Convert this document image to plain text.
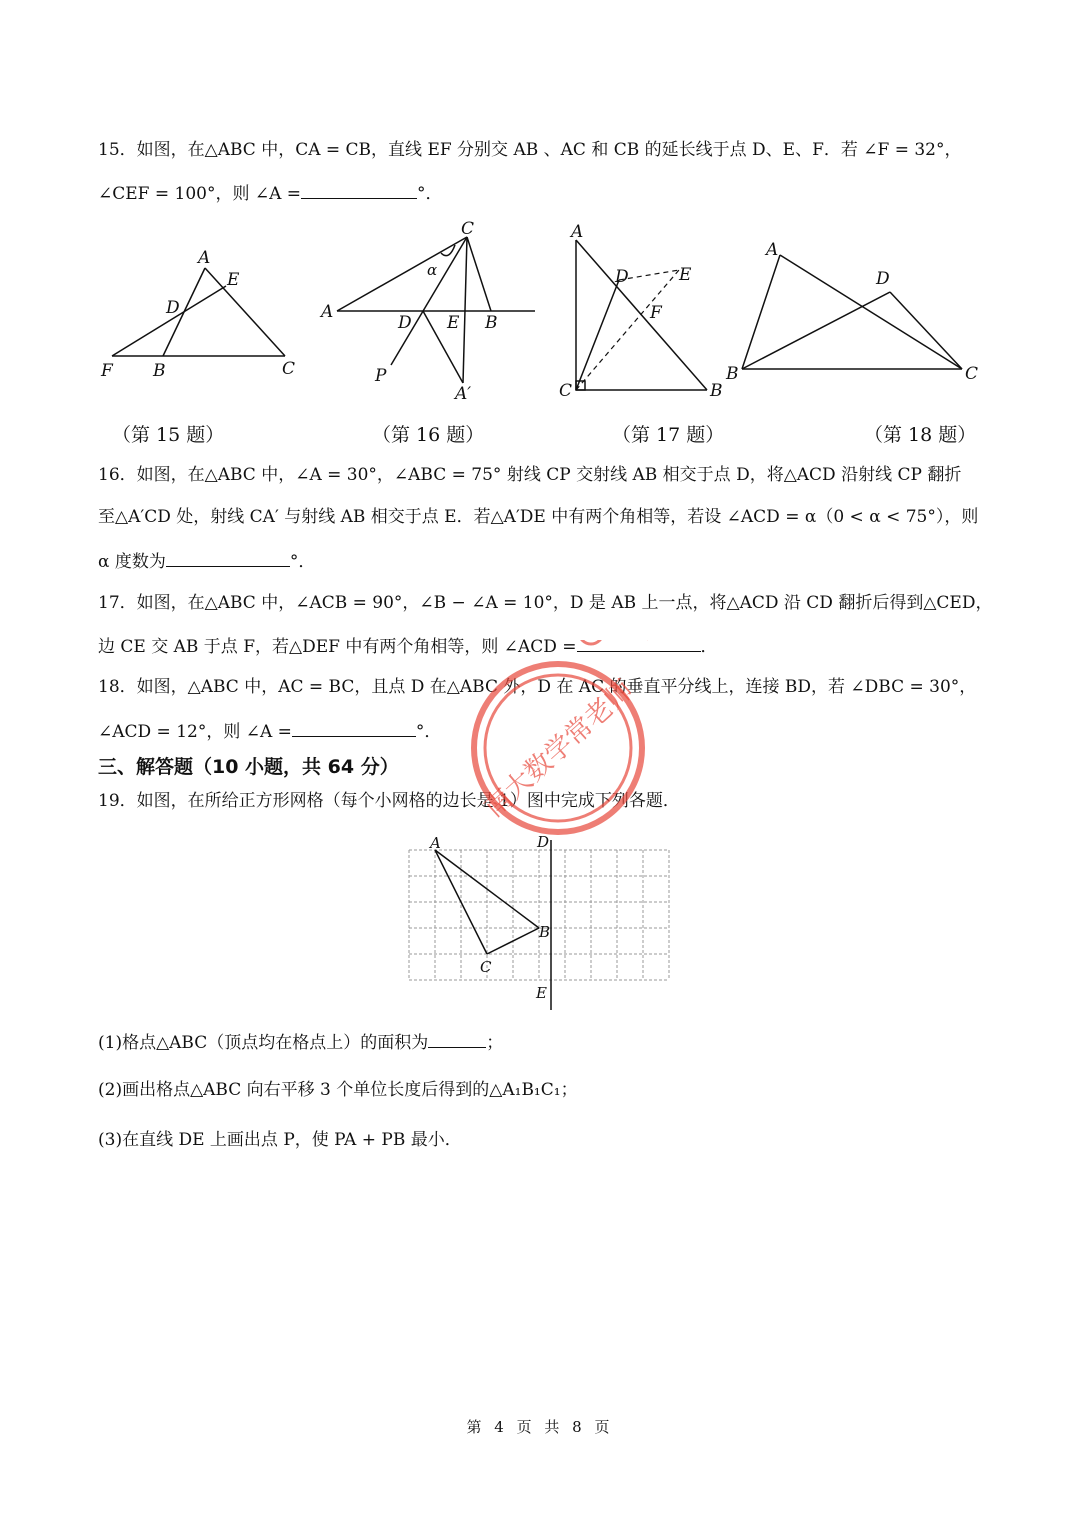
15．如图，在△ABC 中，CA = CB，直线 EF 分别交 AB 、AC 和 CB 的延长线于点 D、E、F．若 ∠F = 32°，
∠CEF = 100°，则 ∠A =	°．
A
E
D
F B	C
C
α
A
D E B
P
A′
A
D	E
F
C	B
A
D
B	C
（第 15 题）	（第 16 题）	（第 17 题）	（第 18 题）
16．如图，在△ABC 中，∠A = 30°，∠ABC = 75° 射线 CP 交射线 AB 相交于点 D，将△ACD 沿射线 CP 翻折
至△A′CD 处，射线 CA′ 与射线 AB 相交于点 E．若△A′DE 中有两个角相等，若设 ∠ACD = α（0 < α < 75°），则
α 度数为	°．
17．如图，在△ABC 中，∠ACB = 90°，∠B − ∠A = 10°，D 是 AB 上一点，将△ACD 沿 CD 翻折后得到△CED，
边 CE 交 AB 于点 F，若△DEF 中有两个角相等，则 ∠ACD =	．
18．如图，△ABC 中，AC = BC，且点 D 在△ABC 外，D 在 AC 的垂直平分线上，连接 BD，若 ∠DBC = 30°，
∠ACD = 12°，则 ∠A =	°．
三、解答题（10 小题，共 64 分）
19．如图，在所给正方形网格（每个小网格的边长是 1）图中完成下列各题．
A	D
B
C
E
(1)格点△ABC（顶点均在格点上）的面积为	；
(2)画出格点△ABC 向右平移 3 个单位长度后得到的△A₁B₁C₁；
(3)在直线 DE 上画出点 P，使 PA + PB 最小．
南大数学常老师
第 4 页 共 8 页
